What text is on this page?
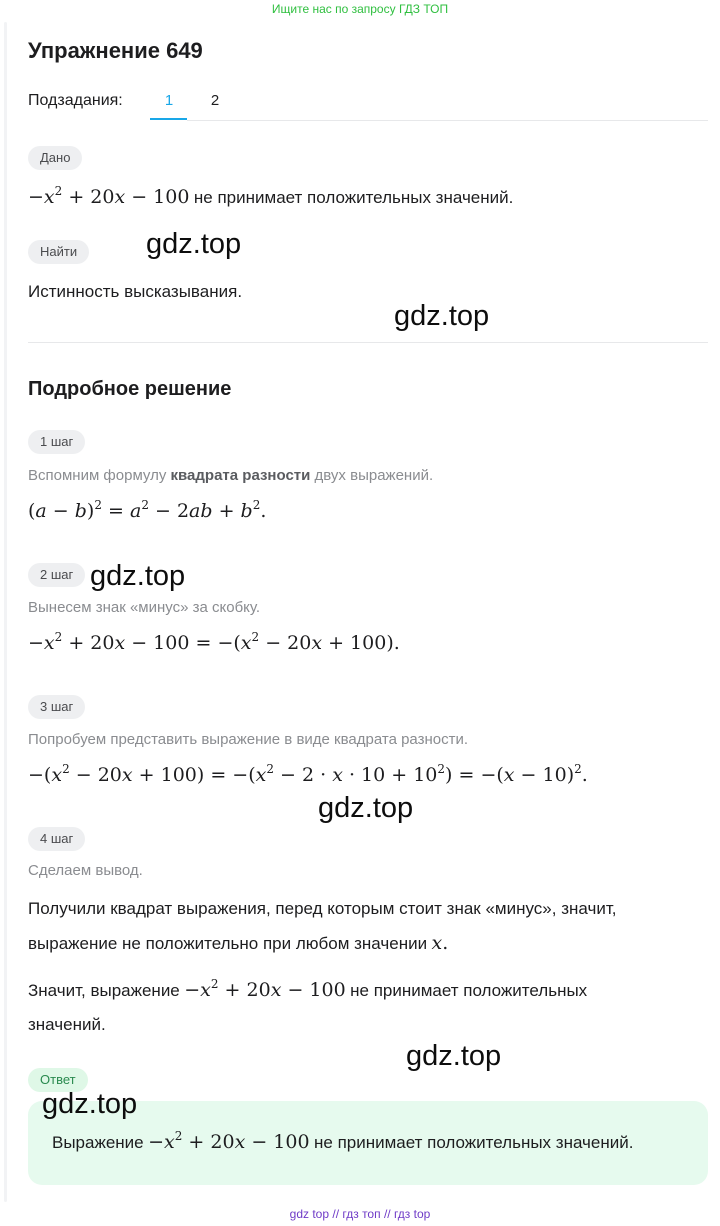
Ищите нас по запросу ГДЗ ТОП
Упражнение 649
Подзадания:	1	2
Дано
$-x^2 + 20x - 100$ не принимает положительных значений.
Найти
Истинность высказывания.
Подробное решение
1 шаг
Вспомним формулу квадрата разности двух выражений.
$(a - b)^2 = a^2 - 2ab + b^2$.
2 шаг
Вынесем знак «минус» за скобку.
$-x^2 + 20x - 100 = -(x^2 - 20x + 100)$.
3 шаг
Попробуем представить выражение в виде квадрата разности.
$-(x^2 - 20x + 100) = -(x^2 - 2 \cdot x \cdot 10 + 10^2) = -(x - 10)^2$.
4 шаг
Сделаем вывод.
Получили квадрат выражения, перед которым стоит знак «минус», значит,
выражение не положительно при любом значении x.
Значит, выражение $-x^2 + 20x - 100$ не принимает положительных
значений.
Ответ
Выражение $-x^2 + 20x - 100$ не принимает положительных значений.
gdz.top
gdz.top
gdz.top
gdz.top
gdz.top
gdz.top
gdz top // гдз топ // гдз top
